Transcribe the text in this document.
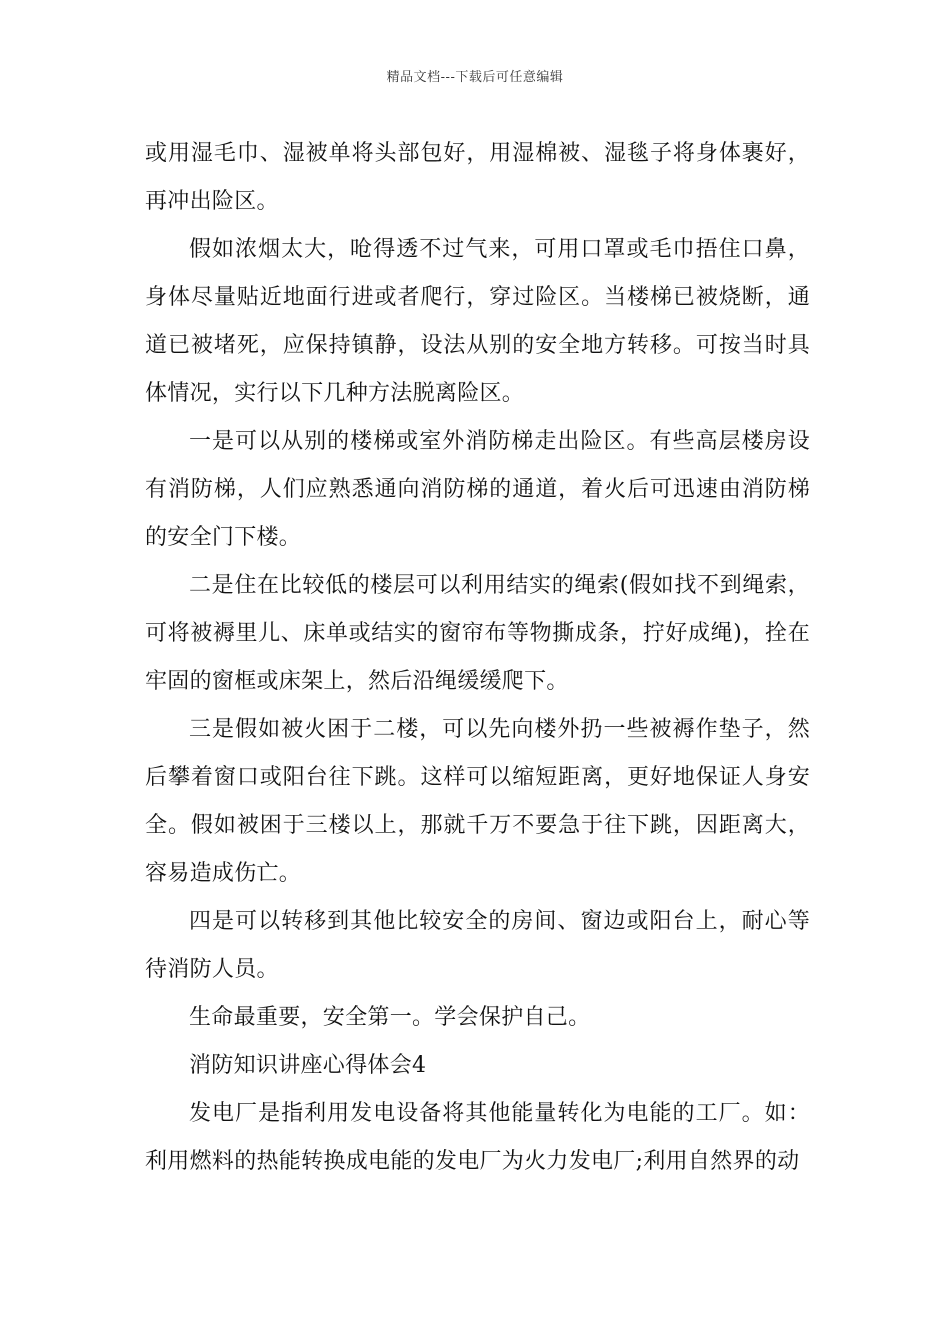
精品文档---下载后可任意编辑

或用湿毛巾、湿被单将头部包好，用湿棉被、湿毯子将身体裹好，再冲出险区。

假如浓烟太大，呛得透不过气来，可用口罩或毛巾捂住口鼻，身体尽量贴近地面行进或者爬行，穿过险区。当楼梯已被烧断，通道已被堵死，应保持镇静，设法从别的安全地方转移。可按当时具体情况，实行以下几种方法脱离险区。

一是可以从别的楼梯或室外消防梯走出险区。有些高层楼房设有消防梯，人们应熟悉通向消防梯的通道，着火后可迅速由消防梯的安全门下楼。

二是住在比较低的楼层可以利用结实的绳索(假如找不到绳索，可将被褥里儿、床单或结实的窗帘布等物撕成条，拧好成绳)，拴在牢固的窗框或床架上，然后沿绳缓缓爬下。

三是假如被火困于二楼，可以先向楼外扔一些被褥作垫子，然后攀着窗口或阳台往下跳。这样可以缩短距离，更好地保证人身安全。假如被困于三楼以上，那就千万不要急于往下跳，因距离大，容易造成伤亡。

四是可以转移到其他比较安全的房间、窗边或阳台上，耐心等待消防人员。

生命最重要，安全第一。学会保护自己。

消防知识讲座心得体会4

发电厂是指利用发电设备将其他能量转化为电能的工厂。如：利用燃料的热能转换成电能的发电厂为火力发电厂;利用自然界的动
